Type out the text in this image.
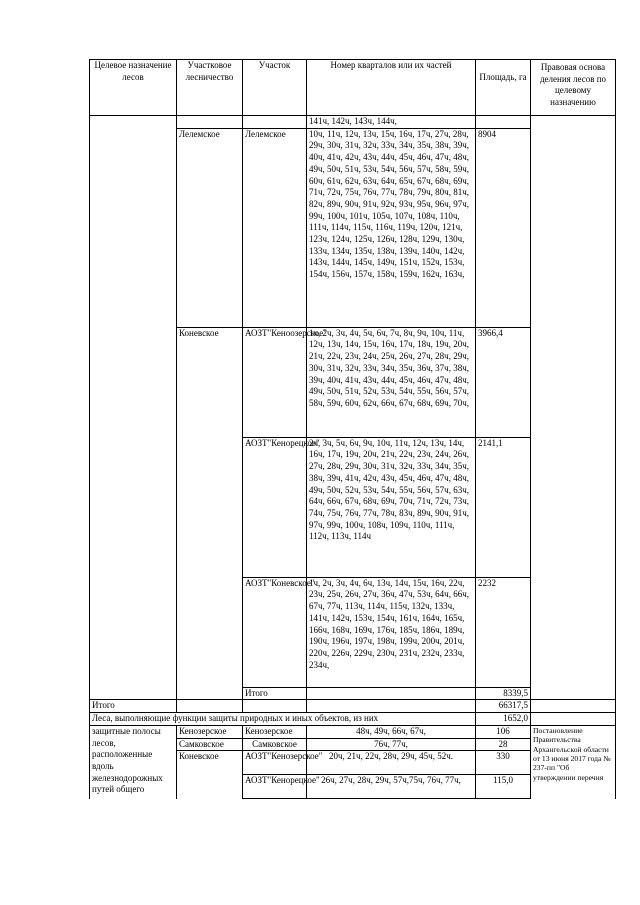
Целевое назначение лесов	Участковое лесничество	Участок	Номер кварталов или их частей	Площадь, га	Правовая основа деления лесов по целевому назначению
			141ч, 142ч, 143ч, 144ч,		
	Лелемское	Лелемское	10ч, 11ч, 12ч, 13ч, 15ч, 16ч, 17ч, 27ч, 28ч, 29ч, 30ч, 31ч, 32ч, 33ч, 34ч, 35ч, 38ч, 39ч, 40ч, 41ч, 42ч, 43ч, 44ч, 45ч, 46ч, 47ч, 48ч, 49ч, 50ч, 51ч, 53ч, 54ч, 56ч, 57ч, 58ч, 59ч, 60ч, 61ч, 62ч, 63ч, 64ч, 65ч, 67ч, 68ч, 69ч, 71ч, 72ч, 75ч, 76ч, 77ч, 78ч, 79ч, 80ч, 81ч, 82ч, 89ч, 90ч, 91ч, 92ч, 93ч, 95ч, 96ч, 97ч, 99ч, 100ч, 101ч, 105ч, 107ч, 108ч, 110ч, 111ч, 114ч, 115ч, 116ч, 119ч, 120ч, 121ч, 123ч, 124ч, 125ч, 126ч, 128ч, 129ч, 130ч, 133ч, 134ч, 135ч, 138ч, 139ч, 140ч, 142ч, 143ч, 144ч, 145ч, 149ч, 151ч, 152ч, 153ч, 154ч, 156ч, 157ч, 158ч, 159ч, 162ч, 163ч,	8904	
	Коневское	АОЗТ"Кеноозерское"	1ч, 2ч, 3ч, 4ч, 5ч, 6ч, 7ч, 8ч, 9ч, 10ч, 11ч, 12ч, 13ч, 14ч, 15ч, 16ч, 17ч, 18ч, 19ч, 20ч, 21ч, 22ч, 23ч, 24ч, 25ч, 26ч, 27ч, 28ч, 29ч, 30ч, 31ч, 32ч, 33ч, 34ч, 35ч, 36ч, 37ч, 38ч, 39ч, 40ч, 41ч, 43ч, 44ч, 45ч, 46ч, 47ч, 48ч, 49ч, 50ч, 51ч, 52ч, 53ч, 54ч, 55ч, 56ч, 57ч, 58ч, 59ч, 60ч, 62ч, 66ч, 67ч, 68ч, 69ч, 70ч,	3966,4	
		АОЗТ"Кенорецкое"	2ч, 3ч, 5ч, 6ч, 9ч, 10ч, 11ч, 12ч, 13ч, 14ч, 16ч, 17ч, 19ч, 20ч, 21ч, 22ч, 23ч, 24ч, 26ч, 27ч, 28ч, 29ч, 30ч, 31ч, 32ч, 33ч, 34ч, 35ч, 38ч, 39ч, 41ч, 42ч, 43ч, 45ч, 46ч, 47ч, 48ч, 49ч, 50ч, 52ч, 53ч, 54ч, 55ч, 56ч, 57ч, 63ч, 64ч, 66ч, 67ч, 68ч, 69ч, 70ч, 71ч, 72ч, 73ч, 74ч, 75ч, 76ч, 77ч, 78ч, 83ч, 89ч, 90ч, 91ч, 97ч, 99ч, 100ч, 108ч, 109ч, 110ч, 111ч, 112ч, 113ч, 114ч	2141,1	
		АОЗТ"Коневское"	1ч, 2ч, 3ч, 4ч, 6ч, 13ч, 14ч, 15ч, 16ч, 22ч, 23ч, 25ч, 26ч, 27ч, 36ч, 47ч, 53ч, 64ч, 66ч, 67ч, 77ч, 113ч, 114ч, 115ч, 132ч, 133ч, 141ч, 142ч, 153ч, 154ч, 161ч, 164ч, 165ч, 166ч, 168ч, 169ч, 176ч, 185ч, 186ч, 189ч, 190ч, 196ч, 197ч, 198ч, 199ч, 200ч, 201ч, 220ч, 226ч, 229ч, 230ч, 231ч, 232ч, 233ч, 234ч,	2232	
		Итого		8339,5	
Итого				66317,5	
Леса, выполняющие функции защиты природных и иных объектов, из них				1652,0	
защитные полосы лесов, расположенные вдоль железнодорожных путей общего	Кенозерское	Кенозерское	48ч, 49ч, 66ч, 67ч,	106	Постановление Правительства Архангельской области от 13 июня 2017 года № 237-пп "Об утверждении перечня
	Самковское	Самковское	76ч, 77ч,	28	
	Коневское	АОЗТ"Кенозерское"	20ч, 21ч, 22ч, 28ч, 29ч, 45ч, 52ч.	330	
		АОЗТ"Кенорецкое"	26ч, 27ч, 28ч, 29ч, 57ч,75ч, 76ч, 77ч,	115,0	
